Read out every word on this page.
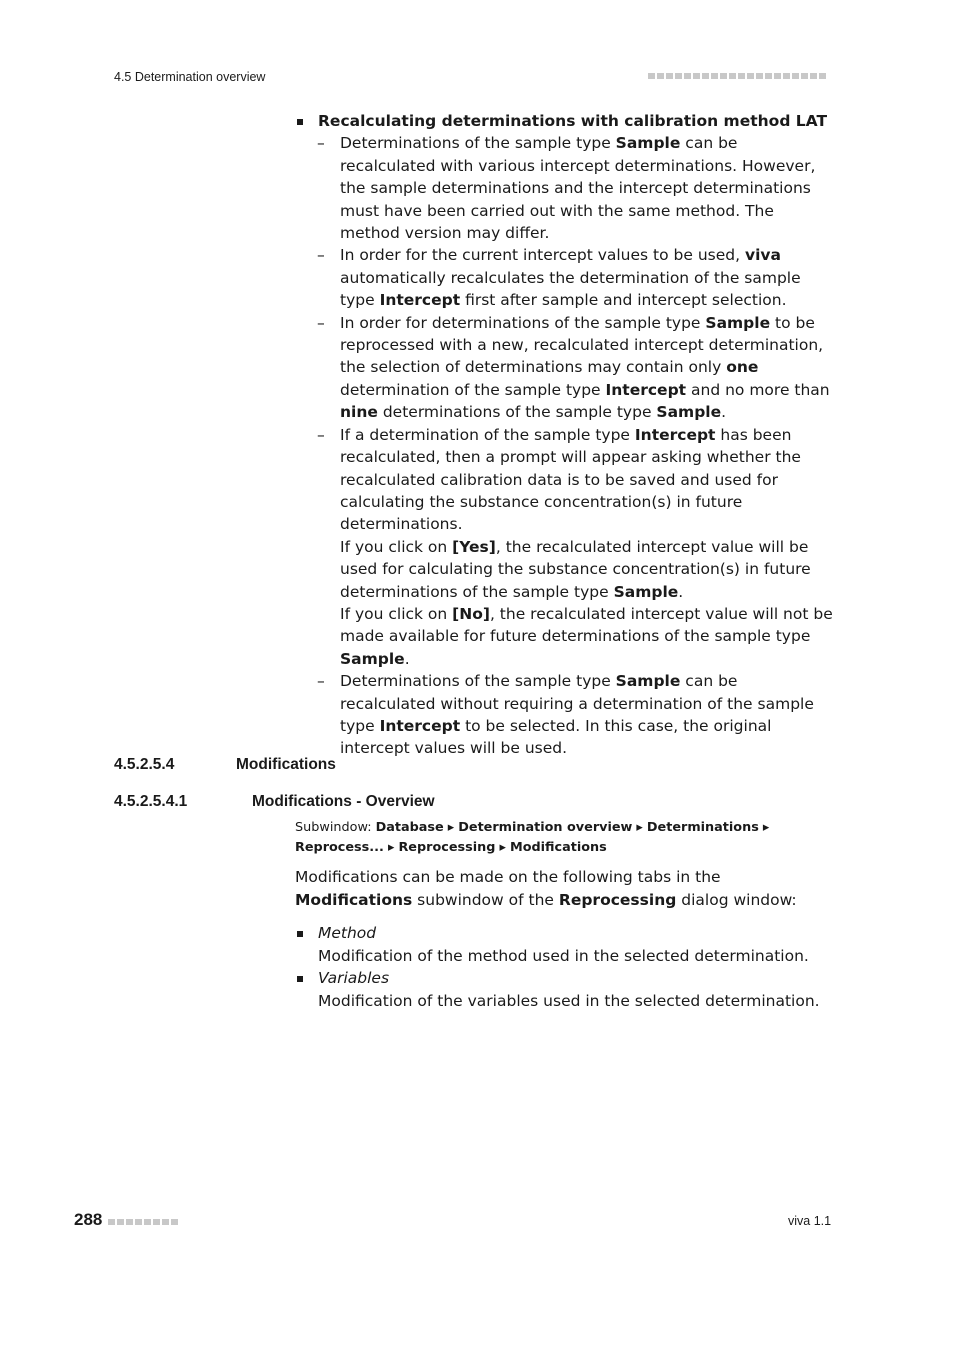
4.5 Determination overview
Recalculating determinations with calibration method LAT
– Determinations of the sample type Sample can be recalculated with various intercept determinations. However, the sample determinations and the intercept determinations must have been carried out with the same method. The method version may differ.
– In order for the current intercept values to be used, viva automatically recalculates the determination of the sample type Intercept first after sample and intercept selection.
– In order for determinations of the sample type Sample to be reprocessed with a new, recalculated intercept determination, the selection of determinations may contain only one determination of the sample type Intercept and no more than nine determinations of the sample type Sample.
– If a determination of the sample type Intercept has been recalculated, then a prompt will appear asking whether the recalculated calibration data is to be saved and used for calculating the substance concentration(s) in future determinations.
If you click on [Yes], the recalculated intercept value will be used for calculating the substance concentration(s) in future determinations of the sample type Sample.
If you click on [No], the recalculated intercept value will not be made available for future determinations of the sample type Sample.
– Determinations of the sample type Sample can be recalculated without requiring a determination of the sample type Intercept to be selected. In this case, the original intercept values will be used.
4.5.2.5.4	Modifications
4.5.2.5.4.1	Modifications - Overview
Subwindow: Database ▸ Determination overview ▸ Determinations ▸ Reprocess... ▸ Reprocessing ▸ Modifications
Modifications can be made on the following tabs in the Modifications subwindow of the Reprocessing dialog window:
Method
Modification of the method used in the selected determination.
Variables
Modification of the variables used in the selected determination.
288	viva 1.1
